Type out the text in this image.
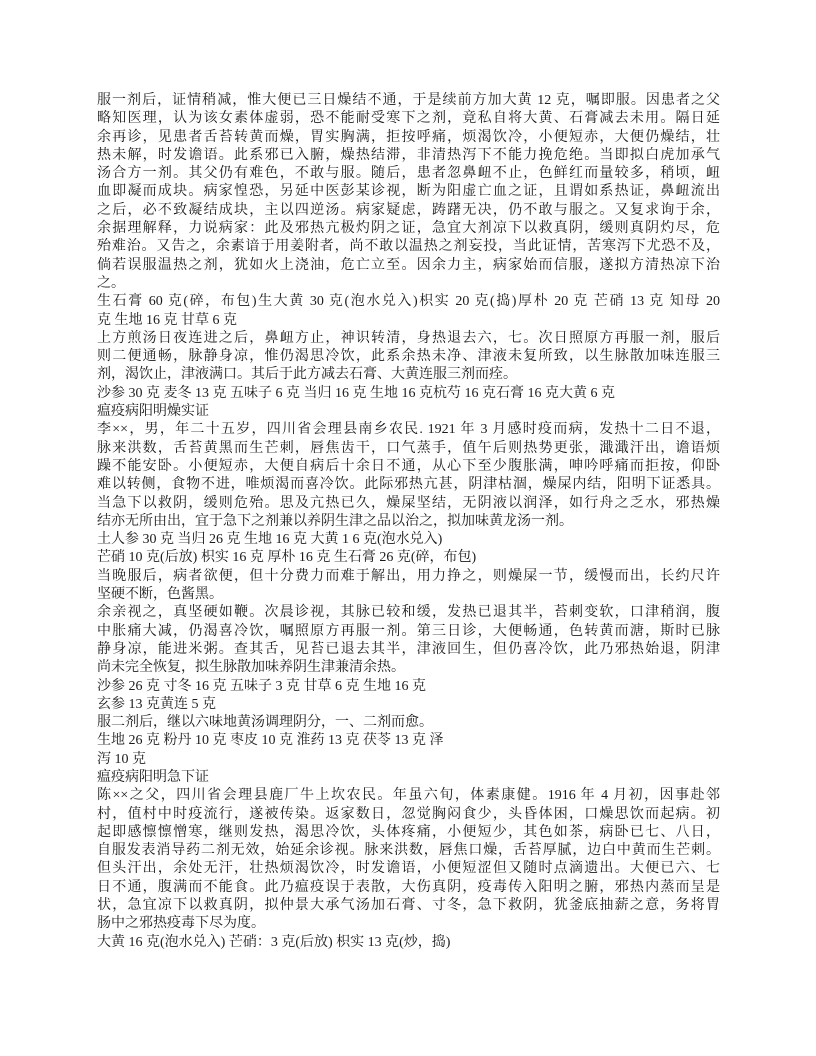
服一剂后，证情稍减，惟大便已三日燥结不通，于是续前方加大黄 12 克，嘱即服。因患者之父
略知医理，认为该女素体虚弱，恐不能耐受寒下之剂，竟私自将大黄、石膏减去未用。隔日延
余再诊，见患者舌苔转黄而燥，胃实胸满，拒按呼痛，烦渴饮冷，小便短赤，大便仍燥结，壮
热未解，时发谵语。此系邪已入腑，燥热结滞，非清热泻下不能力挽危绝。当即拟白虎加承气
汤合方一剂。其父仍有难色，不敢与服。随后，患者忽鼻衄不止，色鲜红而量较多，稍顷，衄
血即凝而成块。病家惶恐，另延中医彭某诊视，断为阳虚亡血之证，且谓如系热证，鼻衄流出
之后，必不致凝结成块，主以四逆汤。病家疑虑，踌躇无决，仍不敢与服之。又复求询于余，
余据理解释，力说病家：此及邪热亢极灼阴之证，急宜大剂凉下以救真阴，缓则真阴灼尽，危
殆难治。又告之，余素谙于用姜附者，尚不敢以温热之剂妄投，当此证情，苦寒泻下尤恐不及，
倘若误服温热之剂，犹如火上浇油，危亡立至。因余力主，病家始而信服，遂拟方清热凉下治
之。
生石膏 60 克(碎，布包)生大黄 30 克(泡水兑入)枳实 20 克(捣)厚朴 20 克 芒硝 13 克 知母 20
克 生地 16 克 甘草 6 克
上方煎汤日夜连进之后，鼻衄方止，神识转清，身热退去六，七。次日照原方再服一剂，服后
则二便通畅，脉静身凉，惟仍渴思冷饮，此系余热未净、津液未复所致，以生脉散加味连服三
剂，渴饮止，津液满口。其后于此方减去石膏、大黄连服三剂而痊。
沙参 30 克 麦冬 13 克 五味子 6 克 当归 16 克 生地 16 克杭芍 16 克石膏 16 克大黄 6 克
瘟疫病阳明燥实证
李××，男，年二十五岁，四川省会理县南乡农民. 1921 年 3 月感时疫而病，发热十二日不退，
脉来洪数，舌苔黄黑而生芒刺，唇焦齿干，口气蒸手，值午后则热势更张，濈濈汗出，谵语烦
躁不能安卧。小便短赤，大便自病后十余日不通，从心下至少腹胀满，呻吟呼痛而拒按，仰卧
难以转侧，食物不进，唯烦渴而喜冷饮。此际邪热亢甚，阴津枯涸，燥屎内结，阳明下证悉具。
当急下以救阴，缓则危殆。思及亢热已久，燥屎坚结，无阴液以润泽，如行舟之乏水，邪热燥
结亦无所由出，宜于急下之剂兼以养阴生津之品以治之，拟加味黄龙汤一剂。
土人参 30 克 当归 26 克 生地 16 克 大黄 1 6 克(泡水兑入)
芒硝 10 克(后放) 枳实 16 克 厚朴 16 克 生石膏 26 克(碎，布包)
当晚服后，病者欲便，但十分费力而难于解出，用力挣之，则燥屎一节，缓慢而出，长约尺许
坚硬不断，色酱黑。
余亲视之，真坚硬如鞭。次晨诊视，其脉已较和缓，发热已退其半，苔刺变软，口津稍润，腹
中胀痛大减，仍渴喜冷饮，嘱照原方再服一剂。第三日诊，大便畅通，色转黄而溏，斯时已脉
静身凉，能进米粥。查其舌，见苔已退去其半，津液回生，但仍喜冷饮，此乃邪热始退，阴津
尚未完全恢复，拟生脉散加味养阴生津兼清余热。
沙参 26 克 寸冬 16 克 五味子 3 克 甘草 6 克 生地 16 克
玄参 13 克黄连 5 克
服二剂后，继以六味地黄汤调理阴分，一、二剂而愈。
生地 26 克 粉丹 10 克 枣皮 10 克 淮药 13 克 茯苓 13 克 泽
泻 10 克
瘟疫病阳明急下证
陈××之父，四川省会理县鹿厂牛上坎农民。年虽六旬，体素康健。1916 年 4 月初，因事赴邻
村，值村中时疫流行，遂被传染。返家数日，忽觉胸闷食少，头昏体困，口燥思饮而起病。初
起即感懔懔憎寒，继则发热，渴思冷饮，头体疼痛，小便短少，其色如茶，病卧已七、八日，
自服发表消导药二剂无效，始延余诊视。脉来洪数，唇焦口燥，舌苔厚腻，边白中黄而生芒刺。
但头汗出，余处无汗，壮热烦渴饮冷，时发谵语，小便短涩但又随时点滴遗出。大便已六、七
日不通，腹满而不能食。此乃瘟疫误于表散，大伤真阴，疫毒传入阳明之腑，邪热内蒸而呈是
状，急宜凉下以救真阴，拟仲景大承气汤加石膏、寸冬，急下救阴，犹釜底抽薪之意，务将胃
肠中之邪热疫毒下尽为度。
大黄 16 克(泡水兑入) 芒硝：3 克(后放) 枳实 13 克(炒，捣)
